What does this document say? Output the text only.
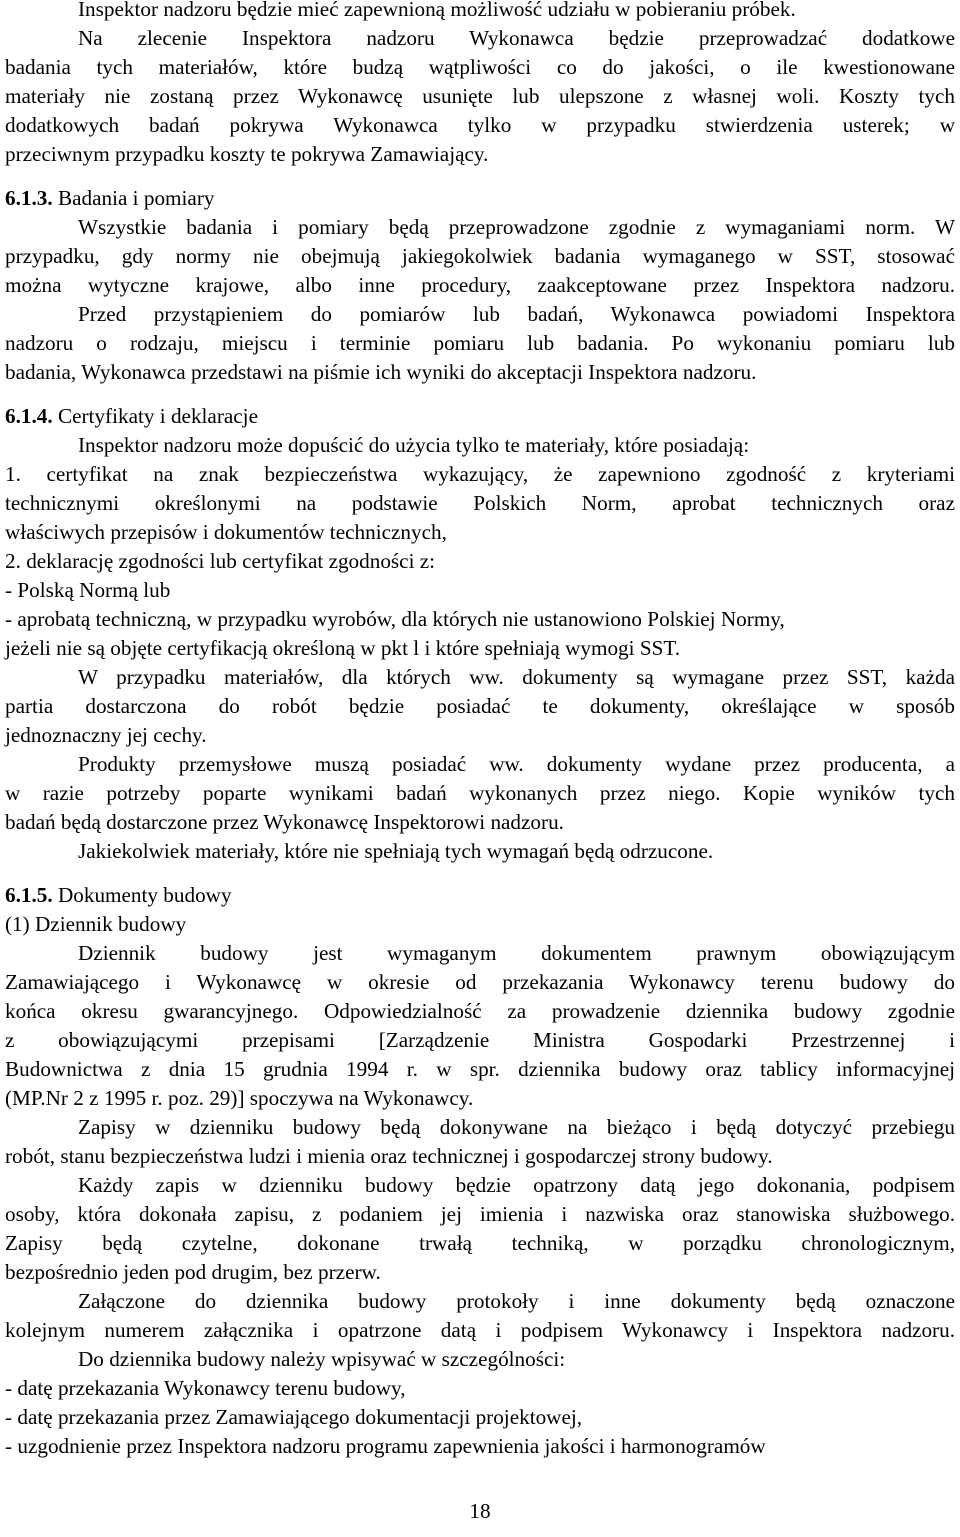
Inspektor nadzoru będzie mieć zapewnioną możliwość udziału w pobieraniu próbek.
Na zlecenie Inspektora nadzoru Wykonawca będzie przeprowadzać dodatkowe
badania tych materiałów, które budzą wątpliwości co do jakości, o ile kwestionowane
materiały nie zostaną przez Wykonawcę usunięte lub ulepszone z własnej woli. Koszty tych
dodatkowych badań pokrywa Wykonawca tylko w przypadku stwierdzenia usterek; w
przeciwnym przypadku koszty te pokrywa Zamawiający.
6.1.3. Badania i pomiary
Wszystkie badania i pomiary będą przeprowadzone zgodnie z wymaganiami norm. W
przypadku, gdy normy nie obejmują jakiegokolwiek badania wymaganego w SST, stosować
można wytyczne krajowe, albo inne procedury, zaakceptowane przez Inspektora nadzoru.
Przed przystąpieniem do pomiarów lub badań, Wykonawca powiadomi Inspektora
nadzoru o rodzaju, miejscu i terminie pomiaru lub badania. Po wykonaniu pomiaru lub
badania, Wykonawca przedstawi na piśmie ich wyniki do akceptacji Inspektora nadzoru.
6.1.4. Certyfikaty i deklaracje
Inspektor nadzoru może dopuścić do użycia tylko te materiały, które posiadają:
1. certyfikat na znak bezpieczeństwa wykazujący, że zapewniono zgodność z kryteriami
technicznymi określonymi na podstawie Polskich Norm, aprobat technicznych oraz
właściwych przepisów i dokumentów technicznych,
2. deklarację zgodności lub certyfikat zgodności z:
- Polską Normą lub
- aprobatą techniczną, w przypadku wyrobów, dla których nie ustanowiono Polskiej Normy,
jeżeli nie są objęte certyfikacją określoną w pkt l i które spełniają wymogi SST.
W przypadku materiałów, dla których ww. dokumenty są wymagane przez SST, każda
partia dostarczona do robót będzie posiadać te dokumenty, określające w sposób
jednoznaczny jej cechy.
Produkty przemysłowe muszą posiadać ww. dokumenty wydane przez producenta, a
w razie potrzeby poparte wynikami badań wykonanych przez niego. Kopie wyników tych
badań będą dostarczone przez Wykonawcę Inspektorowi nadzoru.
Jakiekolwiek materiały, które nie spełniają tych wymagań będą odrzucone.
6.1.5. Dokumenty budowy
(1) Dziennik budowy
Dziennik budowy jest wymaganym dokumentem prawnym obowiązującym
Zamawiającego i Wykonawcę w okresie od przekazania Wykonawcy terenu budowy do
końca okresu gwarancyjnego. Odpowiedzialność za prowadzenie dziennika budowy zgodnie
z obowiązującymi przepisami [Zarządzenie Ministra Gospodarki Przestrzennej i
Budownictwa z dnia 15 grudnia 1994 r. w spr. dziennika budowy oraz tablicy informacyjnej
(MP.Nr 2 z 1995 r. poz. 29)] spoczywa na Wykonawcy.
Zapisy w dzienniku budowy będą dokonywane na bieżąco i będą dotyczyć przebiegu
robót, stanu bezpieczeństwa ludzi i mienia oraz technicznej i gospodarczej strony budowy.
Każdy zapis w dzienniku budowy będzie opatrzony datą jego dokonania, podpisem
osoby, która dokonała zapisu, z podaniem jej imienia i nazwiska oraz stanowiska służbowego.
Zapisy będą czytelne, dokonane trwałą techniką, w porządku chronologicznym,
bezpośrednio jeden pod drugim, bez przerw.
Załączone do dziennika budowy protokoły i inne dokumenty będą oznaczone
kolejnym numerem załącznika i opatrzone datą i podpisem Wykonawcy i Inspektora nadzoru.
Do dziennika budowy należy wpisywać w szczególności:
- datę przekazania Wykonawcy terenu budowy,
- datę przekazania przez Zamawiającego dokumentacji projektowej,
- uzgodnienie przez Inspektora nadzoru programu zapewnienia jakości i harmonogramów
18
